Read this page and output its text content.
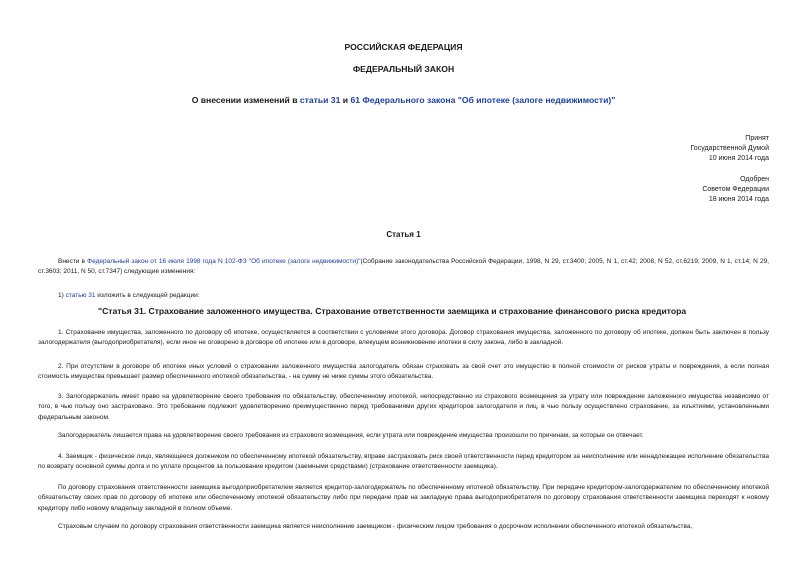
РОССИЙСКАЯ ФЕДЕРАЦИЯ
ФЕДЕРАЛЬНЫЙ ЗАКОН
О внесении изменений в статьи 31 и 61 Федерального закона "Об ипотеке (залоге недвижимости)"
Принят
Государственной Думой
10 июня 2014 года
Одобрен
Советом Федерации
18 июня 2014 года
Статья 1
Внести в Федеральный закон от 16 июля 1998 года N 102-ФЗ "Об ипотеке (залоге недвижимости)"(Собрание законодательства Российской Федерации, 1998, N 29, ст.3400; 2005, N 1, ст.42; 2008, N 52, ст.6219; 2009, N 1, ст.14; N 29, ст.3603; 2011, N 50, ст.7347) следующие изменения:
1) статью 31 изложить в следующей редакции:
"Статья 31. Страхование заложенного имущества. Страхование ответственности заемщика и страхование финансового риска кредитора
1. Страхование имущества, заложенного по договору об ипотеке, осуществляется в соответствии с условиями этого договора. Договор страхования имущества, заложенного по договору об ипотеке, должен быть заключен в пользу залогодержателя (выгодоприобретателя), если иное не оговорено в договоре об ипотеке или в договоре, влекущем возникновение ипотеки в силу закона, либо в закладной.
2. При отсутствии в договоре об ипотеке иных условий о страховании заложенного имущества залогодатель обязан страховать за свой счет это имущество в полной стоимости от рисков утраты и повреждения, а если полная стоимость имущества превышает размер обеспеченного ипотекой обязательства, - на сумму не ниже суммы этого обязательства.
3. Залогодержатель имеет право на удовлетворение своего требования по обязательству, обеспеченному ипотекой, непосредственно из страхового возмещения за утрату или повреждение заложенного имущества независимо от того, в чью пользу оно застраховано. Это требование подлежит удовлетворению преимущественно перед требованиями других кредиторов залогодателя и лиц, в чью пользу осуществлено страхование, за изъятиями, установленными федеральным законом.
Залогодержатель лишается права на удовлетворение своего требования из страхового возмещения, если утрата или повреждение имущества произошли по причинам, за которые он отвечает.
4. Заемщик - физическое лицо, являющееся должником по обеспеченному ипотекой обязательству, вправе застраховать риск своей ответственности перед кредитором за неисполнение или ненадлежащее исполнение обязательства по возврату основной суммы долга и по уплате процентов за пользование кредитом (заемными средствами) (страхование ответственности заемщика).
По договору страхования ответственности заемщика выгодоприобретателем является кредитор-залогодержатель по обеспеченному ипотекой обязательству. При передаче кредитором-залогодержателем по обеспеченному ипотекой обязательству своих прав по договору об ипотеке или обеспеченному ипотекой обязательству либо при передаче прав на закладную права выгодоприобретателя по договору страхования ответственности заемщика переходят к новому кредитору либо новому владельцу закладной в полном объеме.
Страховым случаем по договору страхования ответственности заемщика является неисполнение заемщиком - физическим лицом требования о досрочном исполнении обеспеченного ипотекой обязательства,
